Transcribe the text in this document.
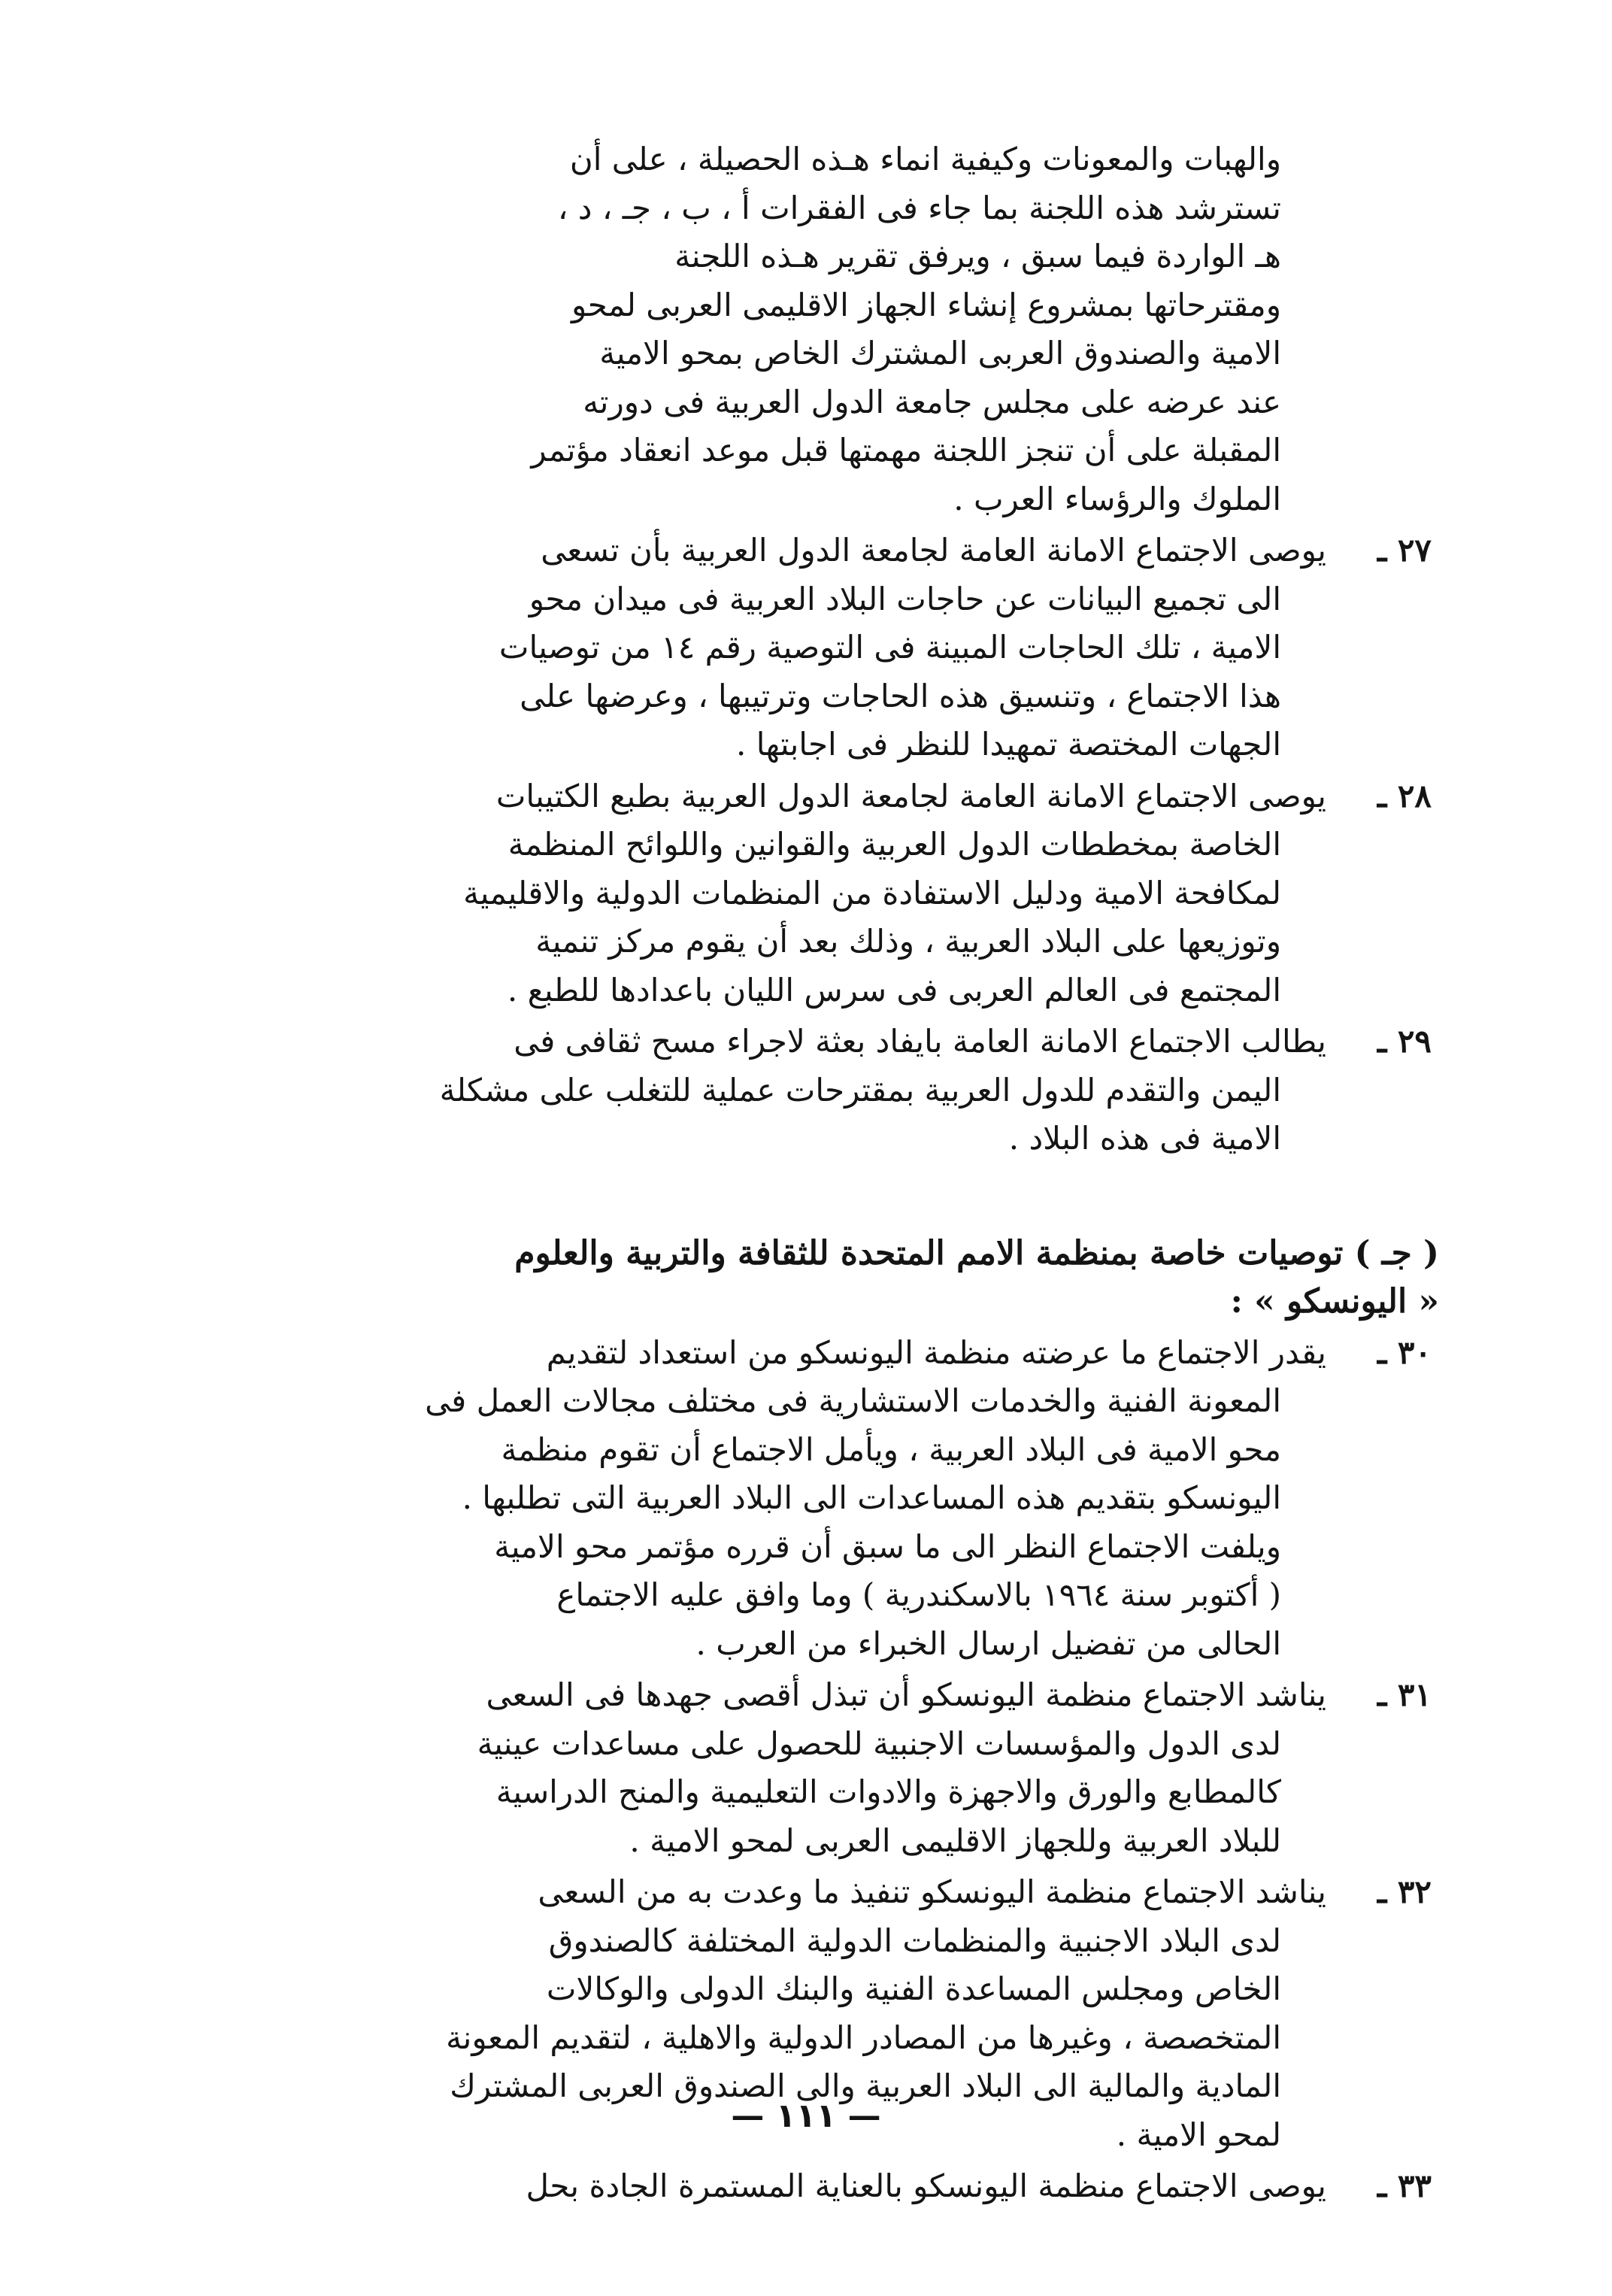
والهبات والمعونات وكيفية انماء هـذه الحصيلة ، على أن
تسترشد هذه اللجنة بما جاء فى الفقرات أ ، ب ، جـ ، د ،
هـ الواردة فيما سبق ، ويرفق تقرير هـذه اللجنة
ومقترحاتها بمشروع إنشاء الجهاز الاقليمى العربى لمحو
الامية والصندوق العربى المشترك الخاص بمحو الامية
عند عرضه على مجلس جامعة الدول العربية فى دورته
المقبلة على أن تنجز اللجنة مهمتها قبل موعد انعقاد مؤتمر
الملوك والرؤساء العرب .
٢٧ ـ
يوصى الاجتماع الامانة العامة لجامعة الدول العربية بأن تسعى
الى تجميع البيانات عن حاجات البلاد العربية فى ميدان محو
الامية ، تلك الحاجات المبينة فى التوصية رقم ١٤ من توصيات
هذا الاجتماع ، وتنسيق هذه الحاجات وترتيبها ، وعرضها على
الجهات المختصة تمهيدا للنظر فى اجابتها .
٢٨ ـ
يوصى الاجتماع الامانة العامة لجامعة الدول العربية بطبع الكتيبات
الخاصة بمخططات الدول العربية والقوانين واللوائح المنظمة
لمكافحة الامية ودليل الاستفادة من المنظمات الدولية والاقليمية
وتوزيعها على البلاد العربية ، وذلك بعد أن يقوم مركز تنمية
المجتمع فى العالم العربى فى سرس الليان باعدادها للطبع .
٢٩ ـ
يطالب الاجتماع الامانة العامة بايفاد بعثة لاجراء مسح ثقافى فى
اليمن والتقدم للدول العربية بمقترحات عملية للتغلب على مشكلة
الامية فى هذه البلاد .
( جـ ) توصيات خاصة بمنظمة الامم المتحدة للثقافة والتربية والعلوم
« اليونسكو » :
٣٠ ـ
يقدر الاجتماع ما عرضته منظمة اليونسكو من استعداد لتقديم
المعونة الفنية والخدمات الاستشارية فى مختلف مجالات العمل فى
محو الامية فى البلاد العربية ، ويأمل الاجتماع أن تقوم منظمة
اليونسكو بتقديم هذه المساعدات الى البلاد العربية التى تطلبها .
ويلفت الاجتماع النظر الى ما سبق أن قرره مؤتمر محو الامية
( أكتوبر سنة ١٩٦٤ بالاسكندرية ) وما وافق عليه الاجتماع
الحالى من تفضيل ارسال الخبراء من العرب .
٣١ ـ
يناشد الاجتماع منظمة اليونسكو أن تبذل أقصى جهدها فى السعى
لدى الدول والمؤسسات الاجنبية للحصول على مساعدات عينية
كالمطابع والورق والاجهزة والادوات التعليمية والمنح الدراسية
للبلاد العربية وللجهاز الاقليمى العربى لمحو الامية .
٣٢ ـ
يناشد الاجتماع منظمة اليونسكو تنفيذ ما وعدت به من السعى
لدى البلاد الاجنبية والمنظمات الدولية المختلفة كالصندوق
الخاص ومجلس المساعدة الفنية والبنك الدولى والوكالات
المتخصصة ، وغيرها من المصادر الدولية والاهلية ، لتقديم المعونة
المادية والمالية الى البلاد العربية والى الصندوق العربى المشترك
لمحو الامية .
٣٣ ـ
يوصى الاجتماع منظمة اليونسكو بالعناية المستمرة الجادة بحل
— ١١١ —
